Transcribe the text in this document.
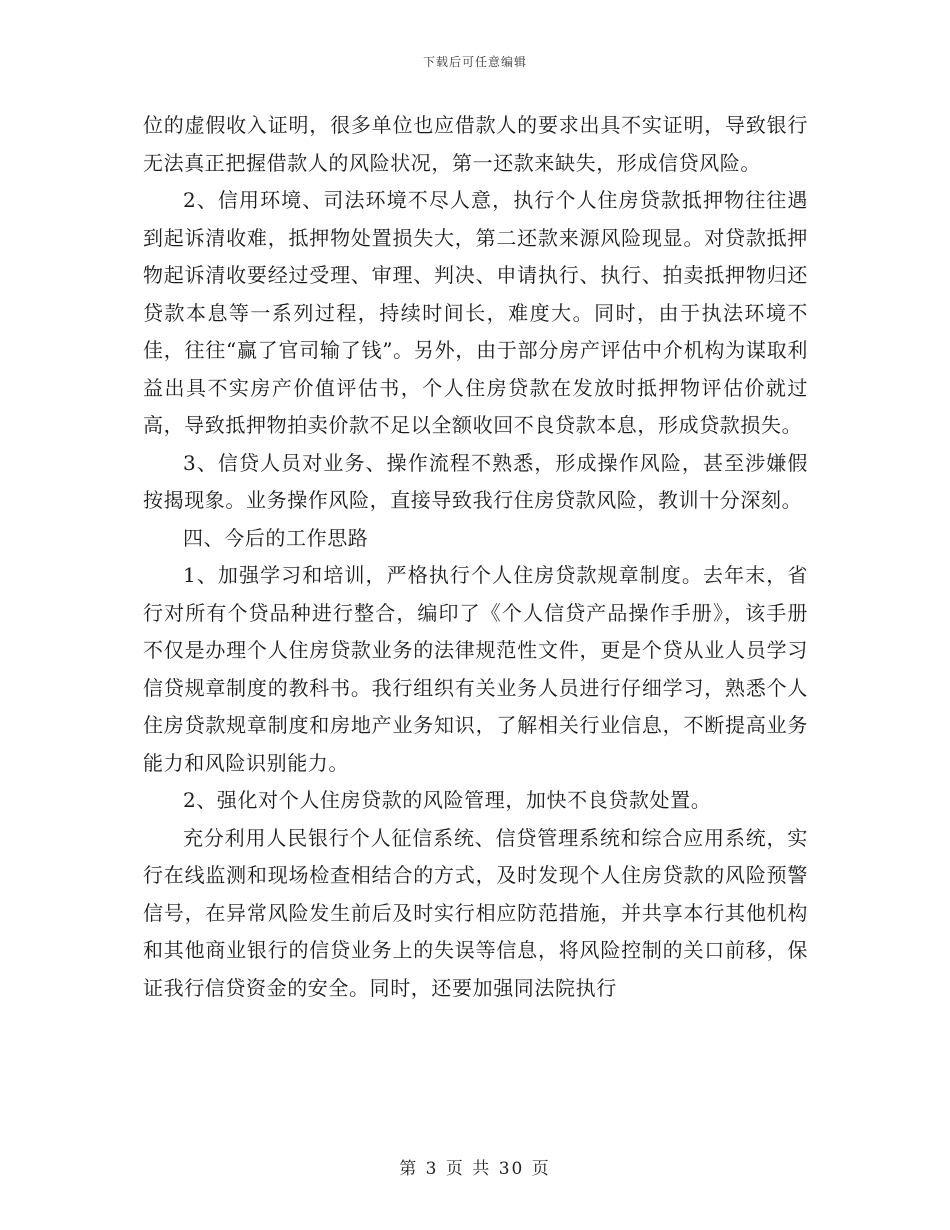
下载后可任意编辑

位的虚假收入证明，很多单位也应借款人的要求出具不实证明，导致银行无法真正把握借款人的风险状况，第一还款来缺失，形成信贷风险。

2、信用环境、司法环境不尽人意，执行个人住房贷款抵押物往往遇到起诉清收难，抵押物处置损失大，第二还款来源风险现显。对贷款抵押物起诉清收要经过受理、审理、判决、申请执行、执行、拍卖抵押物归还贷款本息等一系列过程，持续时间长，难度大。同时，由于执法环境不佳，往往“赢了官司输了钱”。另外，由于部分房产评估中介机构为谋取利益出具不实房产价值评估书，个人住房贷款在发放时抵押物评估价就过高，导致抵押物拍卖价款不足以全额收回不良贷款本息，形成贷款损失。

3、信贷人员对业务、操作流程不熟悉，形成操作风险，甚至涉嫌假按揭现象。业务操作风险，直接导致我行住房贷款风险，教训十分深刻。

四、今后的工作思路

1、加强学习和培训，严格执行个人住房贷款规章制度。去年末，省行对所有个贷品种进行整合，编印了《个人信贷产品操作手册》，该手册不仅是办理个人住房贷款业务的法律规范性文件，更是个贷从业人员学习信贷规章制度的教科书。我行组织有关业务人员进行仔细学习，熟悉个人住房贷款规章制度和房地产业务知识，了解相关行业信息，不断提高业务能力和风险识别能力。

2、强化对个人住房贷款的风险管理，加快不良贷款处置。

充分利用人民银行个人征信系统、信贷管理系统和综合应用系统，实行在线监测和现场检查相结合的方式，及时发现个人住房贷款的风险预警信号，在异常风险发生前后及时实行相应防范措施，并共享本行其他机构和其他商业银行的信贷业务上的失误等信息，将风险控制的关口前移，保证我行信贷资金的安全。同时，还要加强同法院执行

第 3 页 共 30 页
